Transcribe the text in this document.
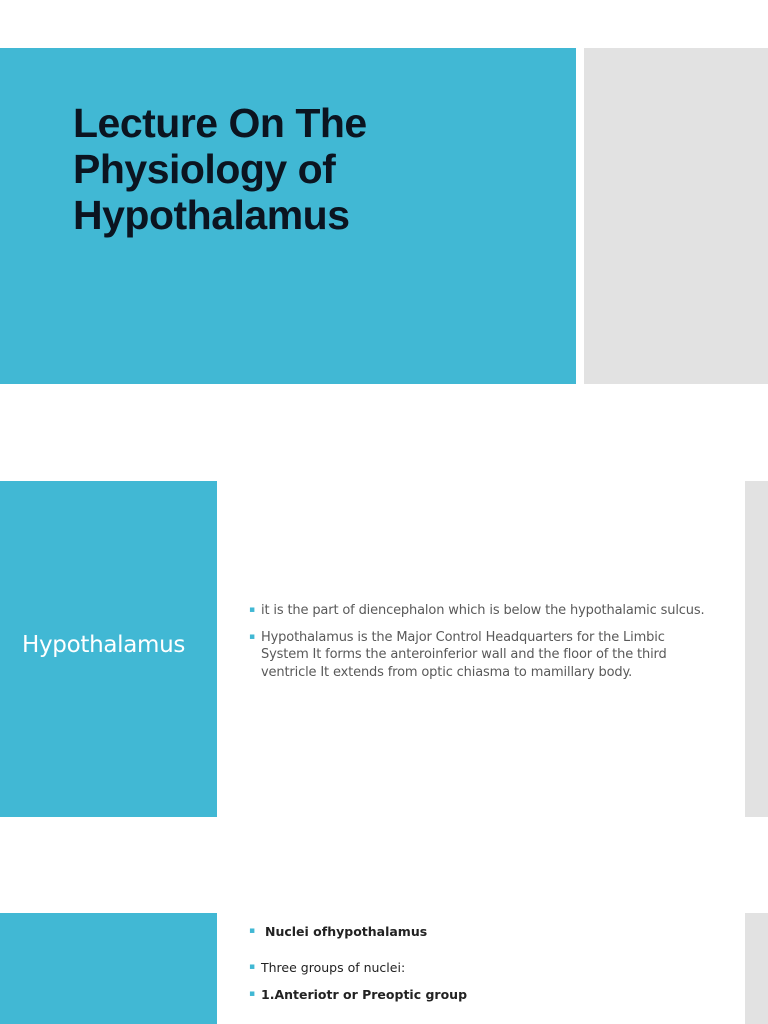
Lecture On The Physiology of Hypothalamus
Hypothalamus
▪ it is the part of diencephalon which is below the hypothalamic sulcus.
▪ Hypothalamus is the Major Control Headquarters for the Limbic System It forms the anteroinferior wall and the floor of the third ventricle It extends from optic chiasma to mamillary body.
▪ Nuclei ofhypothalamus
▪ Three groups of nuclei:
▪ 1.Anteriotr or Preoptic group
